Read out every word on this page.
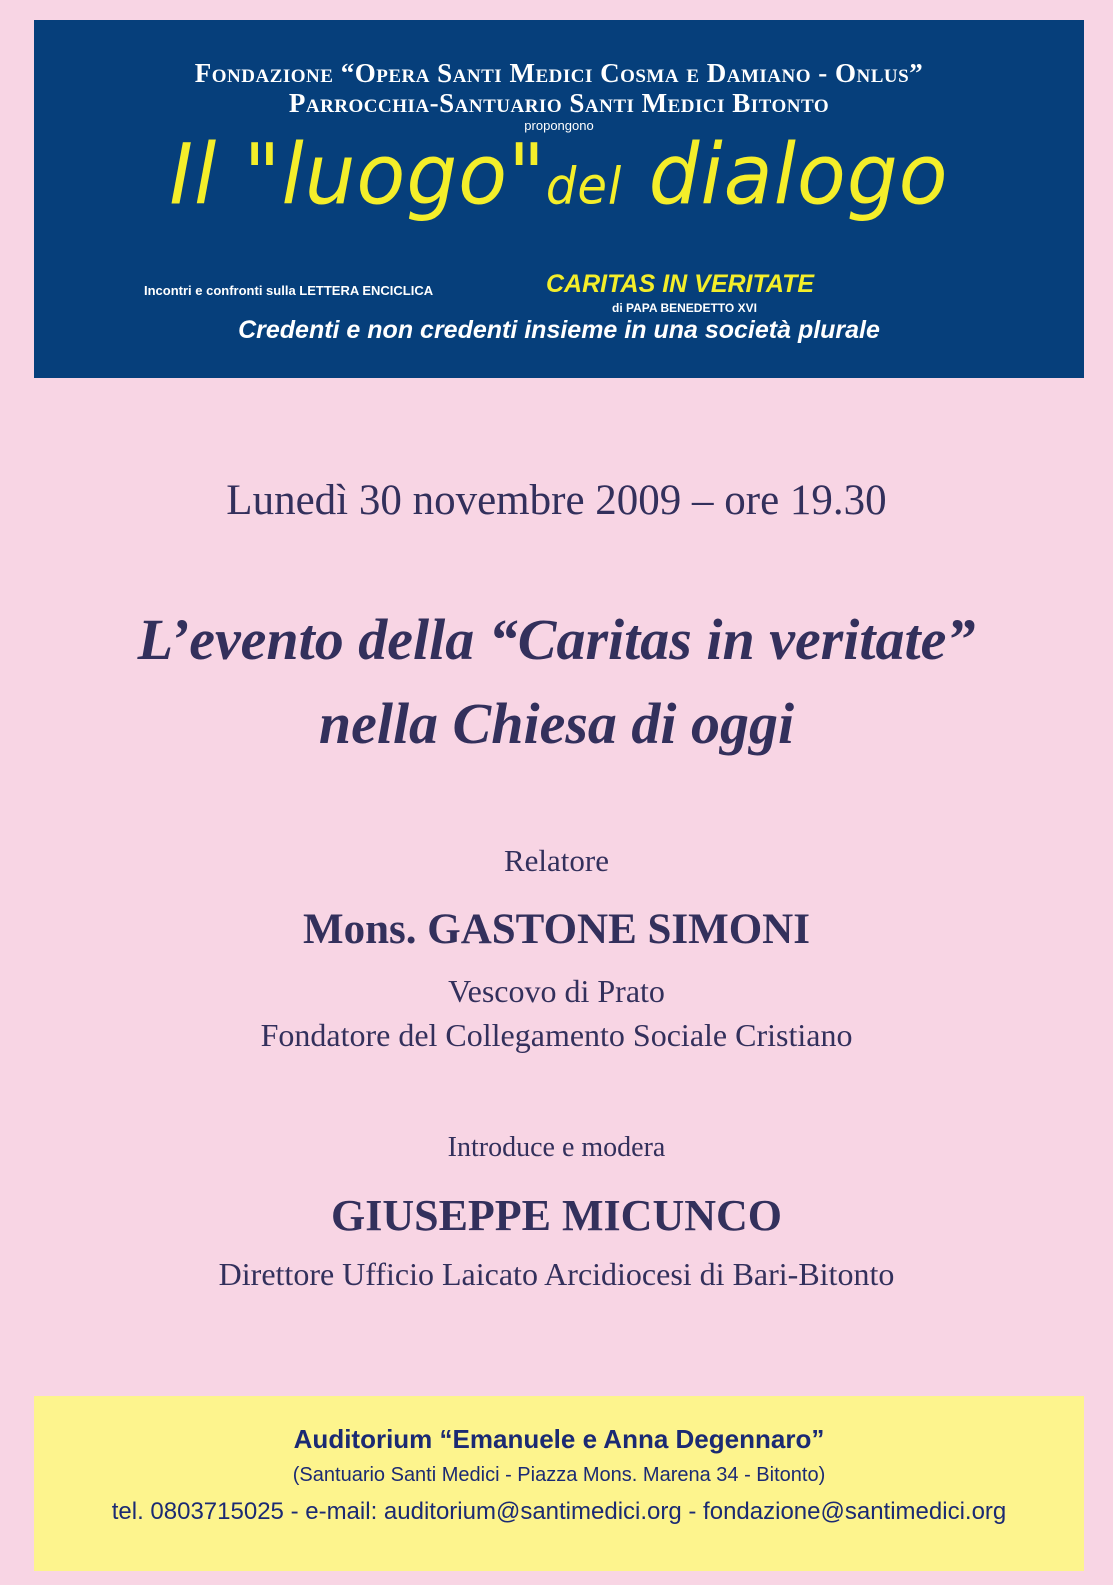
Fondazione “Opera Santi Medici Cosma e Damiano - Onlus”
Parrocchia-Santuario Santi Medici Bitonto
propongono
Il "luogo"del dialogo
Incontri e confronti sulla LETTERA ENCICLICA	CARITAS IN VERITATE
di PAPA BENEDETTO XVI
Credenti e non credenti insieme in una società plurale
Lunedì 30 novembre 2009 – ore 19.30
L’evento della “Caritas in veritate”
nella Chiesa di oggi
Relatore
Mons. GASTONE SIMONI
Vescovo di Prato
Fondatore del Collegamento Sociale Cristiano
Introduce e modera
GIUSEPPE MICUNCO
Direttore Ufficio Laicato Arcidiocesi di Bari-Bitonto
Auditorium “Emanuele e Anna Degennaro”
(Santuario Santi Medici - Piazza Mons. Marena 34 - Bitonto)
tel. 0803715025 - e-mail: auditorium@santimedici.org - fondazione@santimedici.org
